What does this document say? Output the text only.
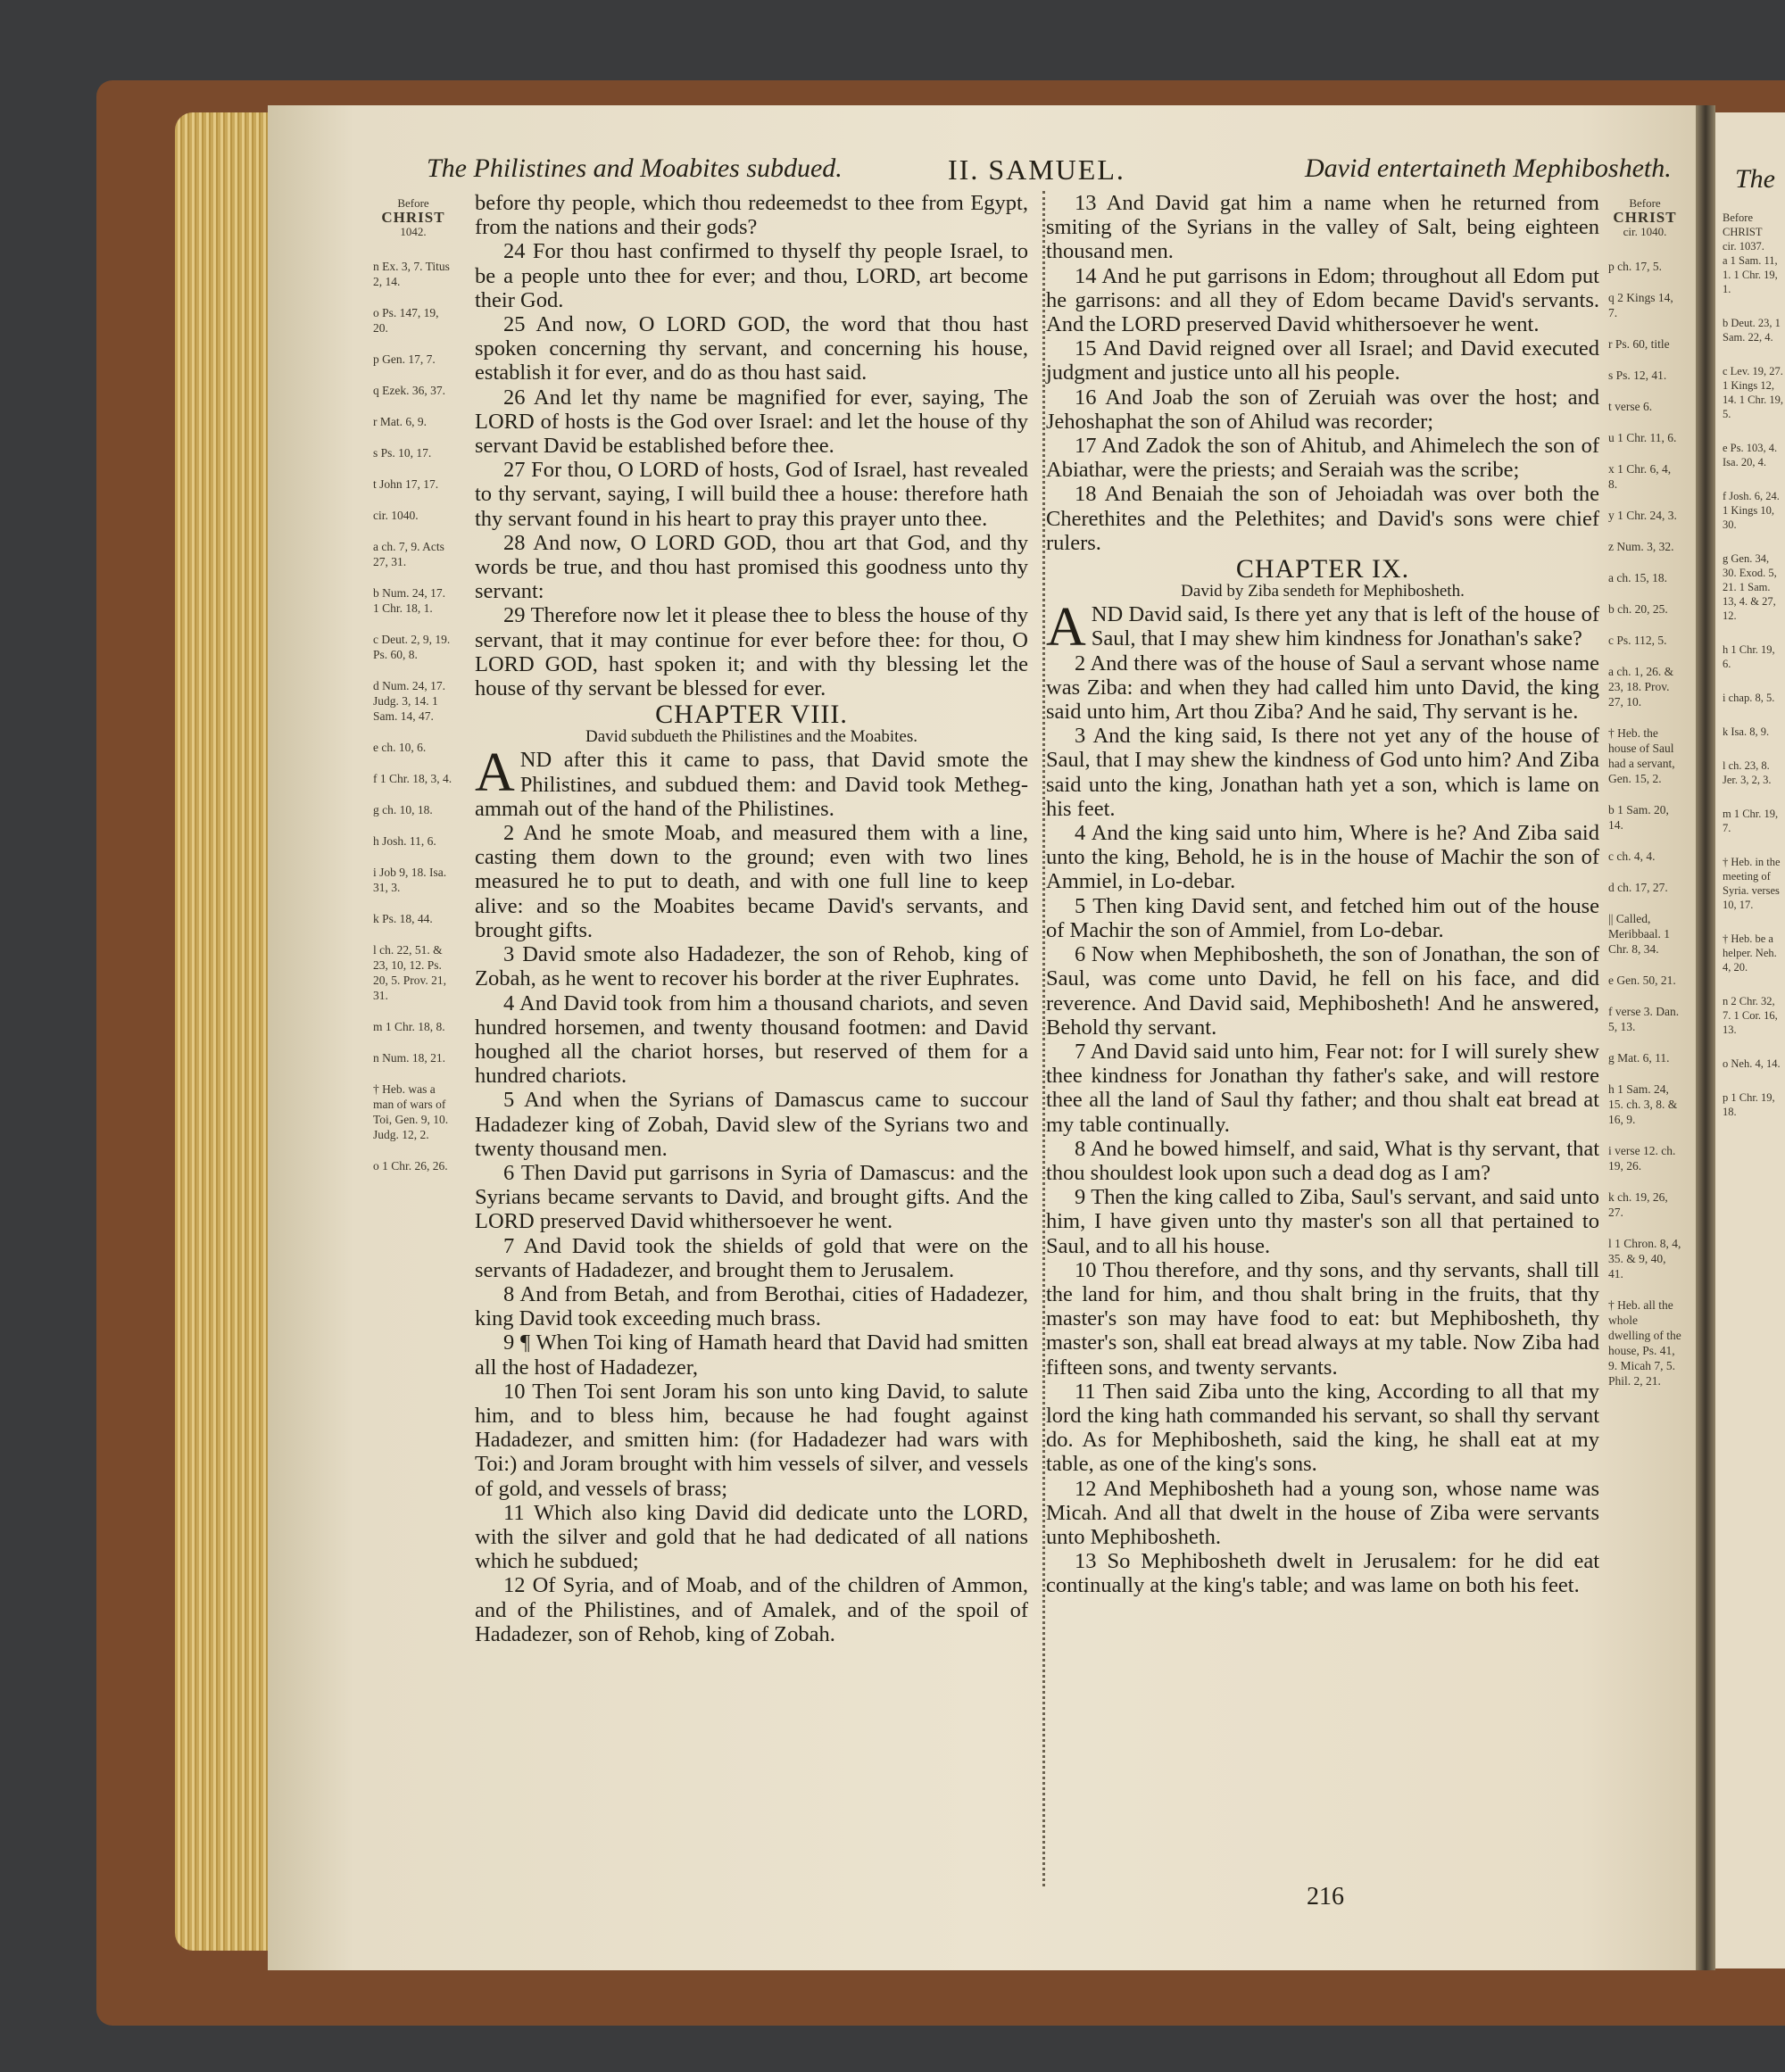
The Philistines and Moabites subdued.	II. SAMUEL.	David entertaineth Mephibosheth.
Before
CHRIST
1042.
n Ex. 3, 7. Titus 2, 14.
o Ps. 147, 19, 20.
p Gen. 17, 7.
q Ezek. 36, 37.
r Mat. 6, 9.
s Ps. 10, 17.
t John 17, 17.
cir. 1040.
a ch. 7, 9. Acts 27, 31.
b Num. 24, 17. 1 Chr. 18, 1.
c Deut. 2, 9, 19. Ps. 60, 8.
d Num. 24, 17. Judg. 3, 14. 1 Sam. 14, 47.
e ch. 10, 6.
f 1 Chr. 18, 3, 4.
g ch. 10, 18.
h Josh. 11, 6.
i Job 9, 18. Isa. 31, 3.
k Ps. 18, 44.
l ch. 22, 51. & 23, 10, 12. Ps. 20, 5. Prov. 21, 31.
m 1 Chr. 18, 8.
n Num. 18, 21.
† Heb. was a man of wars of Toi, Gen. 9, 10. Judg. 12, 2.
o 1 Chr. 26, 26.

before thy people, which thou redeemedst to thee from Egypt, from the nations and their gods?

24 For thou hast confirmed to thyself thy people Israel, to be a people unto thee for ever; and thou, LORD, art become their God.

25 And now, O LORD GOD, the word that thou hast spoken concerning thy servant, and concerning his house, establish it for ever, and do as thou hast said.

26 And let thy name be magnified for ever, saying, The LORD of hosts is the God over Israel: and let the house of thy servant David be established before thee.

27 For thou, O LORD of hosts, God of Israel, hast revealed to thy servant, saying, I will build thee a house: therefore hath thy servant found in his heart to pray this prayer unto thee.

28 And now, O LORD GOD, thou art that God, and thy words be true, and thou hast promised this goodness unto thy servant:

29 Therefore now let it please thee to bless the house of thy servant, that it may continue for ever before thee: for thou, O LORD GOD, hast spoken it; and with thy blessing let the house of thy servant be blessed for ever.

CHAPTER VIII.

David subdueth the Philistines and the Moabites.

AND after this it came to pass, that David smote the Philistines, and subdued them: and David took Metheg-ammah out of the hand of the Philistines.

2 And he smote Moab, and measured them with a line, casting them down to the ground; even with two lines measured he to put to death, and with one full line to keep alive: and so the Moabites became David's servants, and brought gifts.

3 David smote also Hadadezer, the son of Rehob, king of Zobah, as he went to recover his border at the river Euphrates.

4 And David took from him a thousand chariots, and seven hundred horsemen, and twenty thousand footmen: and David houghed all the chariot horses, but reserved of them for a hundred chariots.

5 And when the Syrians of Damascus came to succour Hadadezer king of Zobah, David slew of the Syrians two and twenty thousand men.

6 Then David put garrisons in Syria of Damascus: and the Syrians became servants to David, and brought gifts. And the LORD preserved David whithersoever he went.

7 And David took the shields of gold that were on the servants of Hadadezer, and brought them to Jerusalem.

8 And from Betah, and from Berothai, cities of Hadadezer, king David took exceeding much brass.

9 ¶ When Toi king of Hamath heard that David had smitten all the host of Hadadezer,

10 Then Toi sent Joram his son unto king David, to salute him, and to bless him, because he had fought against Hadadezer, and smitten him: (for Hadadezer had wars with Toi:) and Joram brought with him vessels of silver, and vessels of gold, and vessels of brass;

11 Which also king David did dedicate unto the LORD, with the silver and gold that he had dedicated of all nations which he subdued;

12 Of Syria, and of Moab, and of the children of Ammon, and of the Philistines, and of Amalek, and of the spoil of Hadadezer, son of Rehob, king of Zobah.

13 And David gat him a name when he returned from smiting of the Syrians in the valley of Salt, being eighteen thousand men.

14 And he put garrisons in Edom; throughout all Edom put he garrisons: and all they of Edom became David's servants. And the LORD preserved David whithersoever he went.

15 And David reigned over all Israel; and David executed judgment and justice unto all his people.

16 And Joab the son of Zeruiah was over the host; and Jehoshaphat the son of Ahilud was recorder;

17 And Zadok the son of Ahitub, and Ahimelech the son of Abiathar, were the priests; and Seraiah was the scribe;

18 And Benaiah the son of Jehoiadah was over both the Cherethites and the Pelethites; and David's sons were chief rulers.

CHAPTER IX.

David by Ziba sendeth for Mephibosheth.

AND David said, Is there yet any that is left of the house of Saul, that I may shew him kindness for Jonathan's sake?

2 And there was of the house of Saul a servant whose name was Ziba: and when they had called him unto David, the king said unto him, Art thou Ziba? And he said, Thy servant is he.

3 And the king said, Is there not yet any of the house of Saul, that I may shew the kindness of God unto him? And Ziba said unto the king, Jonathan hath yet a son, which is lame on his feet.

4 And the king said unto him, Where is he? And Ziba said unto the king, Behold, he is in the house of Machir the son of Ammiel, in Lo-debar.

5 Then king David sent, and fetched him out of the house of Machir the son of Ammiel, from Lo-debar.

6 Now when Mephibosheth, the son of Jonathan, the son of Saul, was come unto David, he fell on his face, and did reverence. And David said, Mephibosheth! And he answered, Behold thy servant.

7 And David said unto him, Fear not: for I will surely shew thee kindness for Jonathan thy father's sake, and will restore thee all the land of Saul thy father; and thou shalt eat bread at my table continually.

8 And he bowed himself, and said, What is thy servant, that thou shouldest look upon such a dead dog as I am?

9 Then the king called to Ziba, Saul's servant, and said unto him, I have given unto thy master's son all that pertained to Saul, and to all his house.

10 Thou therefore, and thy sons, and thy servants, shall till the land for him, and thou shalt bring in the fruits, that thy master's son may have food to eat: but Mephibosheth, thy master's son, shall eat bread always at my table. Now Ziba had fifteen sons, and twenty servants.

11 Then said Ziba unto the king, According to all that my lord the king hath commanded his servant, so shall thy servant do. As for Mephibosheth, said the king, he shall eat at my table, as one of the king's sons.

12 And Mephibosheth had a young son, whose name was Micah. And all that dwelt in the house of Ziba were servants unto Mephibosheth.

13 So Mephibosheth dwelt in Jerusalem: for he did eat continually at the king's table; and was lame on both his feet.

Before
CHRIST
cir. 1040.
p ch. 17, 5.
q 2 Kings 14, 7.
r Ps. 60, title
s Ps. 12, 41.
t verse 6.
u 1 Chr. 11, 6.
x 1 Chr. 6, 4, 8.
y 1 Chr. 24, 3.
z Num. 3, 32.
a ch. 15, 18.
b ch. 20, 25.
c Ps. 112, 5.
a ch. 1, 26. & 23, 18. Prov. 27, 10.
† Heb. the house of Saul had a servant, Gen. 15, 2.
b 1 Sam. 20, 14.
c ch. 4, 4.
d ch. 17, 27.
|| Called, Meribbaal. 1 Chr. 8, 34.
e Gen. 50, 21.
f verse 3. Dan. 5, 13.
g Mat. 6, 11.
h 1 Sam. 24, 15. ch. 3, 8. & 16, 9.
i verse 12. ch. 19, 26.
k ch. 19, 26, 27.
l 1 Chron. 8, 4, 35. & 9, 40, 41.
† Heb. all the whole dwelling of the house, Ps. 41, 9. Micah 7, 5. Phil. 2, 21.
216
The
Before
CHRIST
cir. 1037.
a 1 Sam. 11, 1. 1 Chr. 19, 1.
b Deut. 23, 1 Sam. 22, 4.
c Lev. 19, 27. 1 Kings 12, 14. 1 Chr. 19, 5.
e Ps. 103, 4. Isa. 20, 4.
f Josh. 6, 24. 1 Kings 10, 30.
g Gen. 34, 30. Exod. 5, 21. 1 Sam. 13, 4. & 27, 12.
h 1 Chr. 19, 6.
i chap. 8, 5.
k Isa. 8, 9.
l ch. 23, 8. Jer. 3, 2, 3.
m 1 Chr. 19, 7.
† Heb. in the meeting of Syria. verses 10, 17.
† Heb. be a helper. Neh. 4, 20.
n 2 Chr. 32, 7. 1 Cor. 16, 13.
o Neh. 4, 14.
p 1 Chr. 19, 18.
